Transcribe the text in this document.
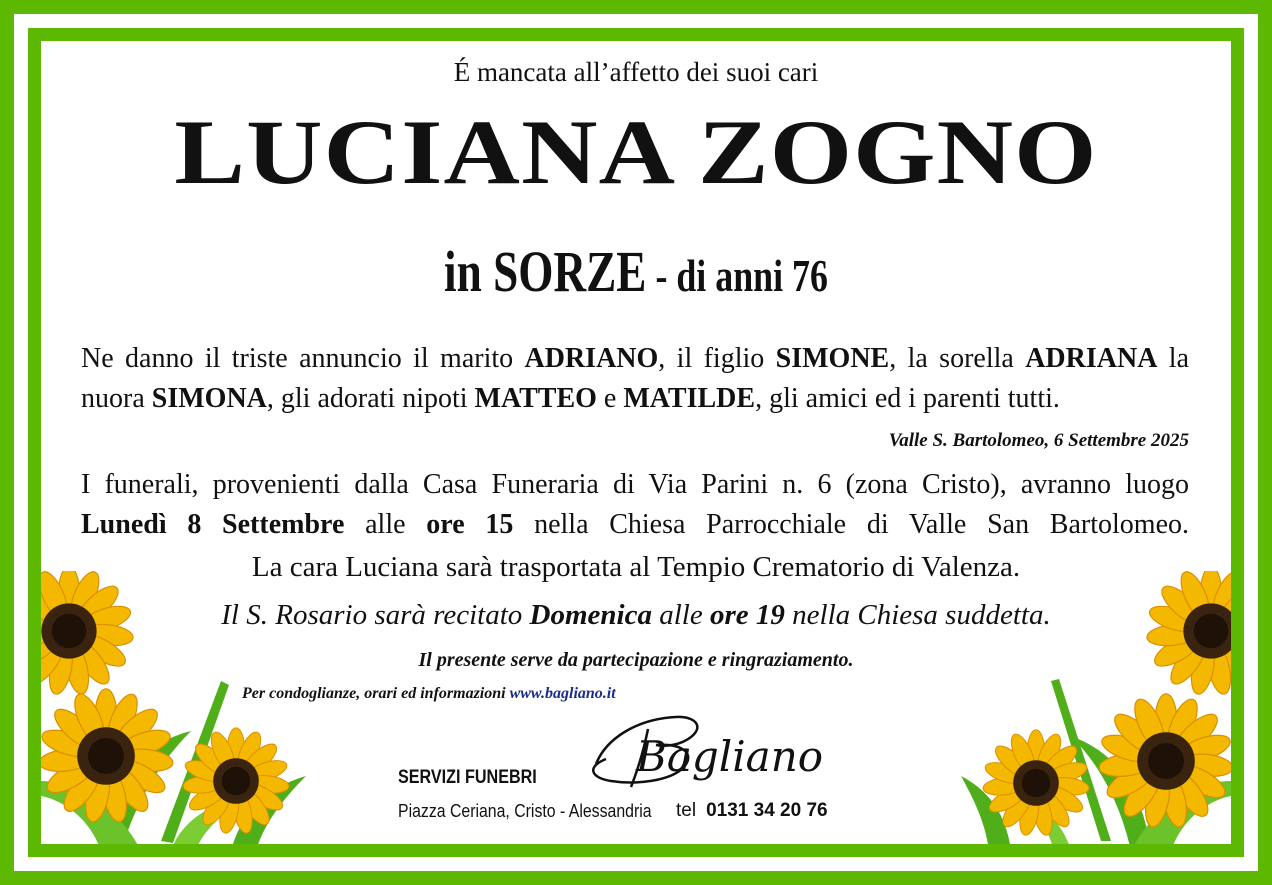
É mancata all’affetto dei suoi cari
LUCIANA ZOGNO
in SORZE - di anni 76
Ne danno il triste annuncio il marito ADRIANO, il figlio SIMONE, la sorella ADRIANA la
nuora SIMONA, gli adorati nipoti MATTEO e MATILDE, gli amici ed i parenti tutti.
Valle S. Bartolomeo, 6 Settembre 2025
I funerali, provenienti dalla Casa Funeraria di Via Parini n. 6 (zona Cristo), avranno luogo
Lunedì 8 Settembre alle ore 15 nella Chiesa Parrocchiale di Valle San Bartolomeo.
La cara Luciana sarà trasportata al Tempio Crematorio di Valenza.
Il S. Rosario sarà recitato Domenica alle ore 19 nella Chiesa suddetta.
Il presente serve da partecipazione e ringraziamento.
Per condoglianze, orari ed informazioni www.bagliano.it
SERVIZI FUNEBRI Bagliano
Piazza Ceriana, Cristo - Alessandria tel 0131 34 20 76
